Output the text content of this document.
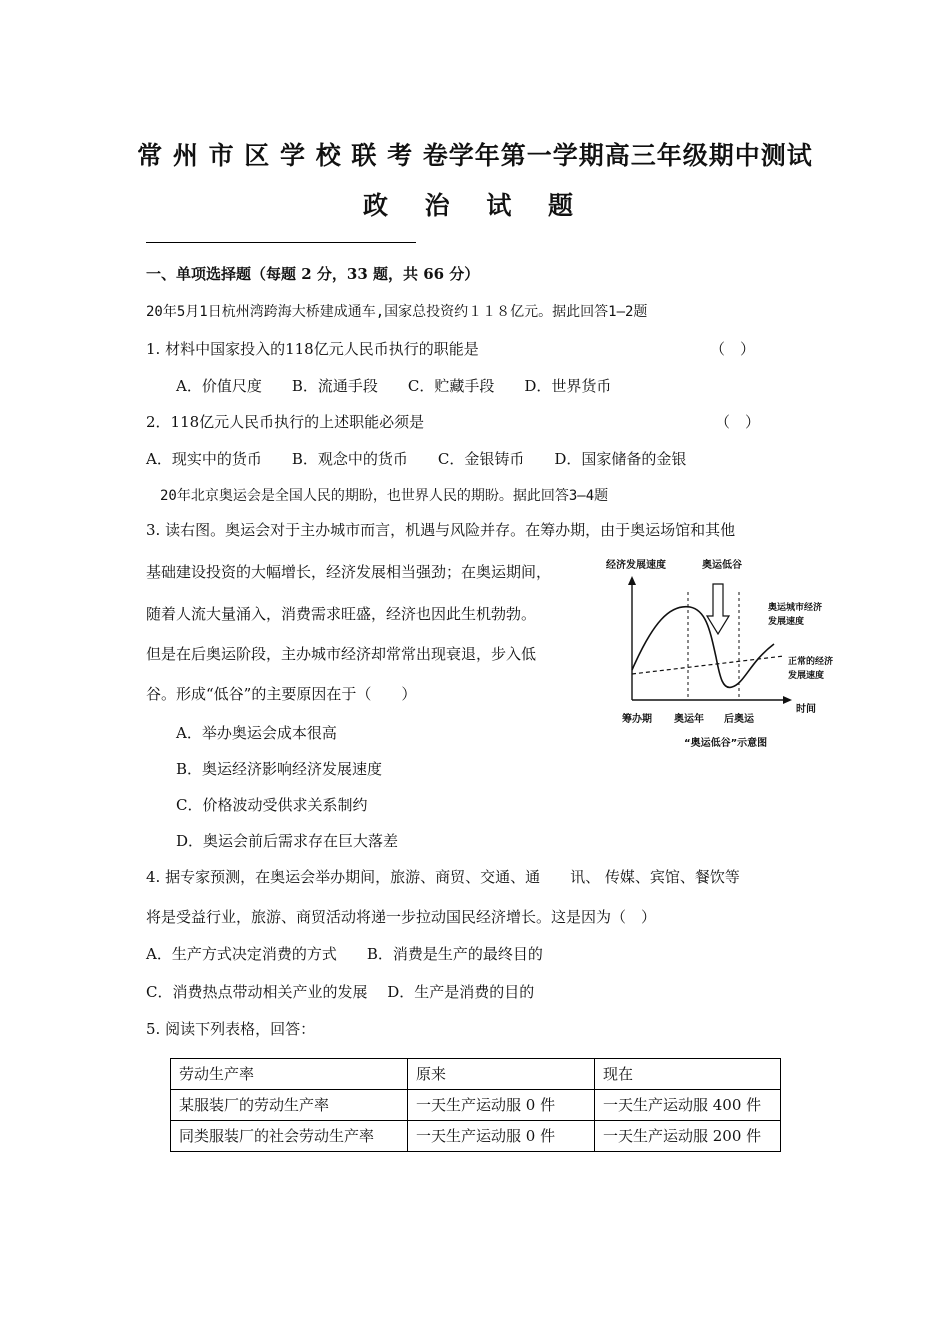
常 州 市 区 学 校 联 考 卷学年第一学期高三年级期中测试
政 治 试 题
一、单项选择题（每题 2 分，33 题，共 66 分）
20年5月1日杭州湾跨海大桥建成通车,国家总投资约１１８亿元。据此回答1—2题
1. 材料中国家投入的118亿元人民币执行的职能是	（　）
A．价值尺度　　B．流通手段　　C．贮藏手段　　D．世界货币
2．118亿元人民币执行的上述职能必须是	（　）
A．现实中的货币　　B．观念中的货币　　C．金银铸币　　D．国家储备的金银
20年北京奥运会是全国人民的期盼，也世界人民的期盼。据此回答3—4题
3. 读右图。奥运会对于主办城市而言，机遇与风险并存。在筹办期，由于奥运场馆和其他
基础建设投资的大幅增长，经济发展相当强劲；在奥运期间，
随着人流大量涌入，消费需求旺盛，经济也因此生机勃勃。
但是在后奥运阶段，主办城市经济却常常出现衰退，步入低
谷。形成“低谷”的主要原因在于（　　）
A．举办奥运会成本很高
B．奥运经济影响经济发展速度
C．价格波动受供求关系制约
D．奥运会前后需求存在巨大落差
经济发展速度	奥运低谷
奥运城市经济
发展速度
正常的经济
发展速度
时间
筹办期 奥运年 后奥运
“奥运低谷”示意图
4. 据专家预测，在奥运会举办期间，旅游、商贸、交通、通　　讯、 传媒、宾馆、餐饮等
将是受益行业，旅游、商贸活动将递一步拉动国民经济增长。这是因为（　）
A．生产方式决定消费的方式　　B．消费是生产的最终目的
C．消费热点带动相关产业的发展　 D．生产是消费的目的
5. 阅读下列表格，回答：
劳动生产率	原来	现在
某服装厂的劳动生产率	一天生产运动服 0 件	一天生产运动服 400 件
同类服装厂的社会劳动生产率	一天生产运动服 0 件	一天生产运动服 200 件
